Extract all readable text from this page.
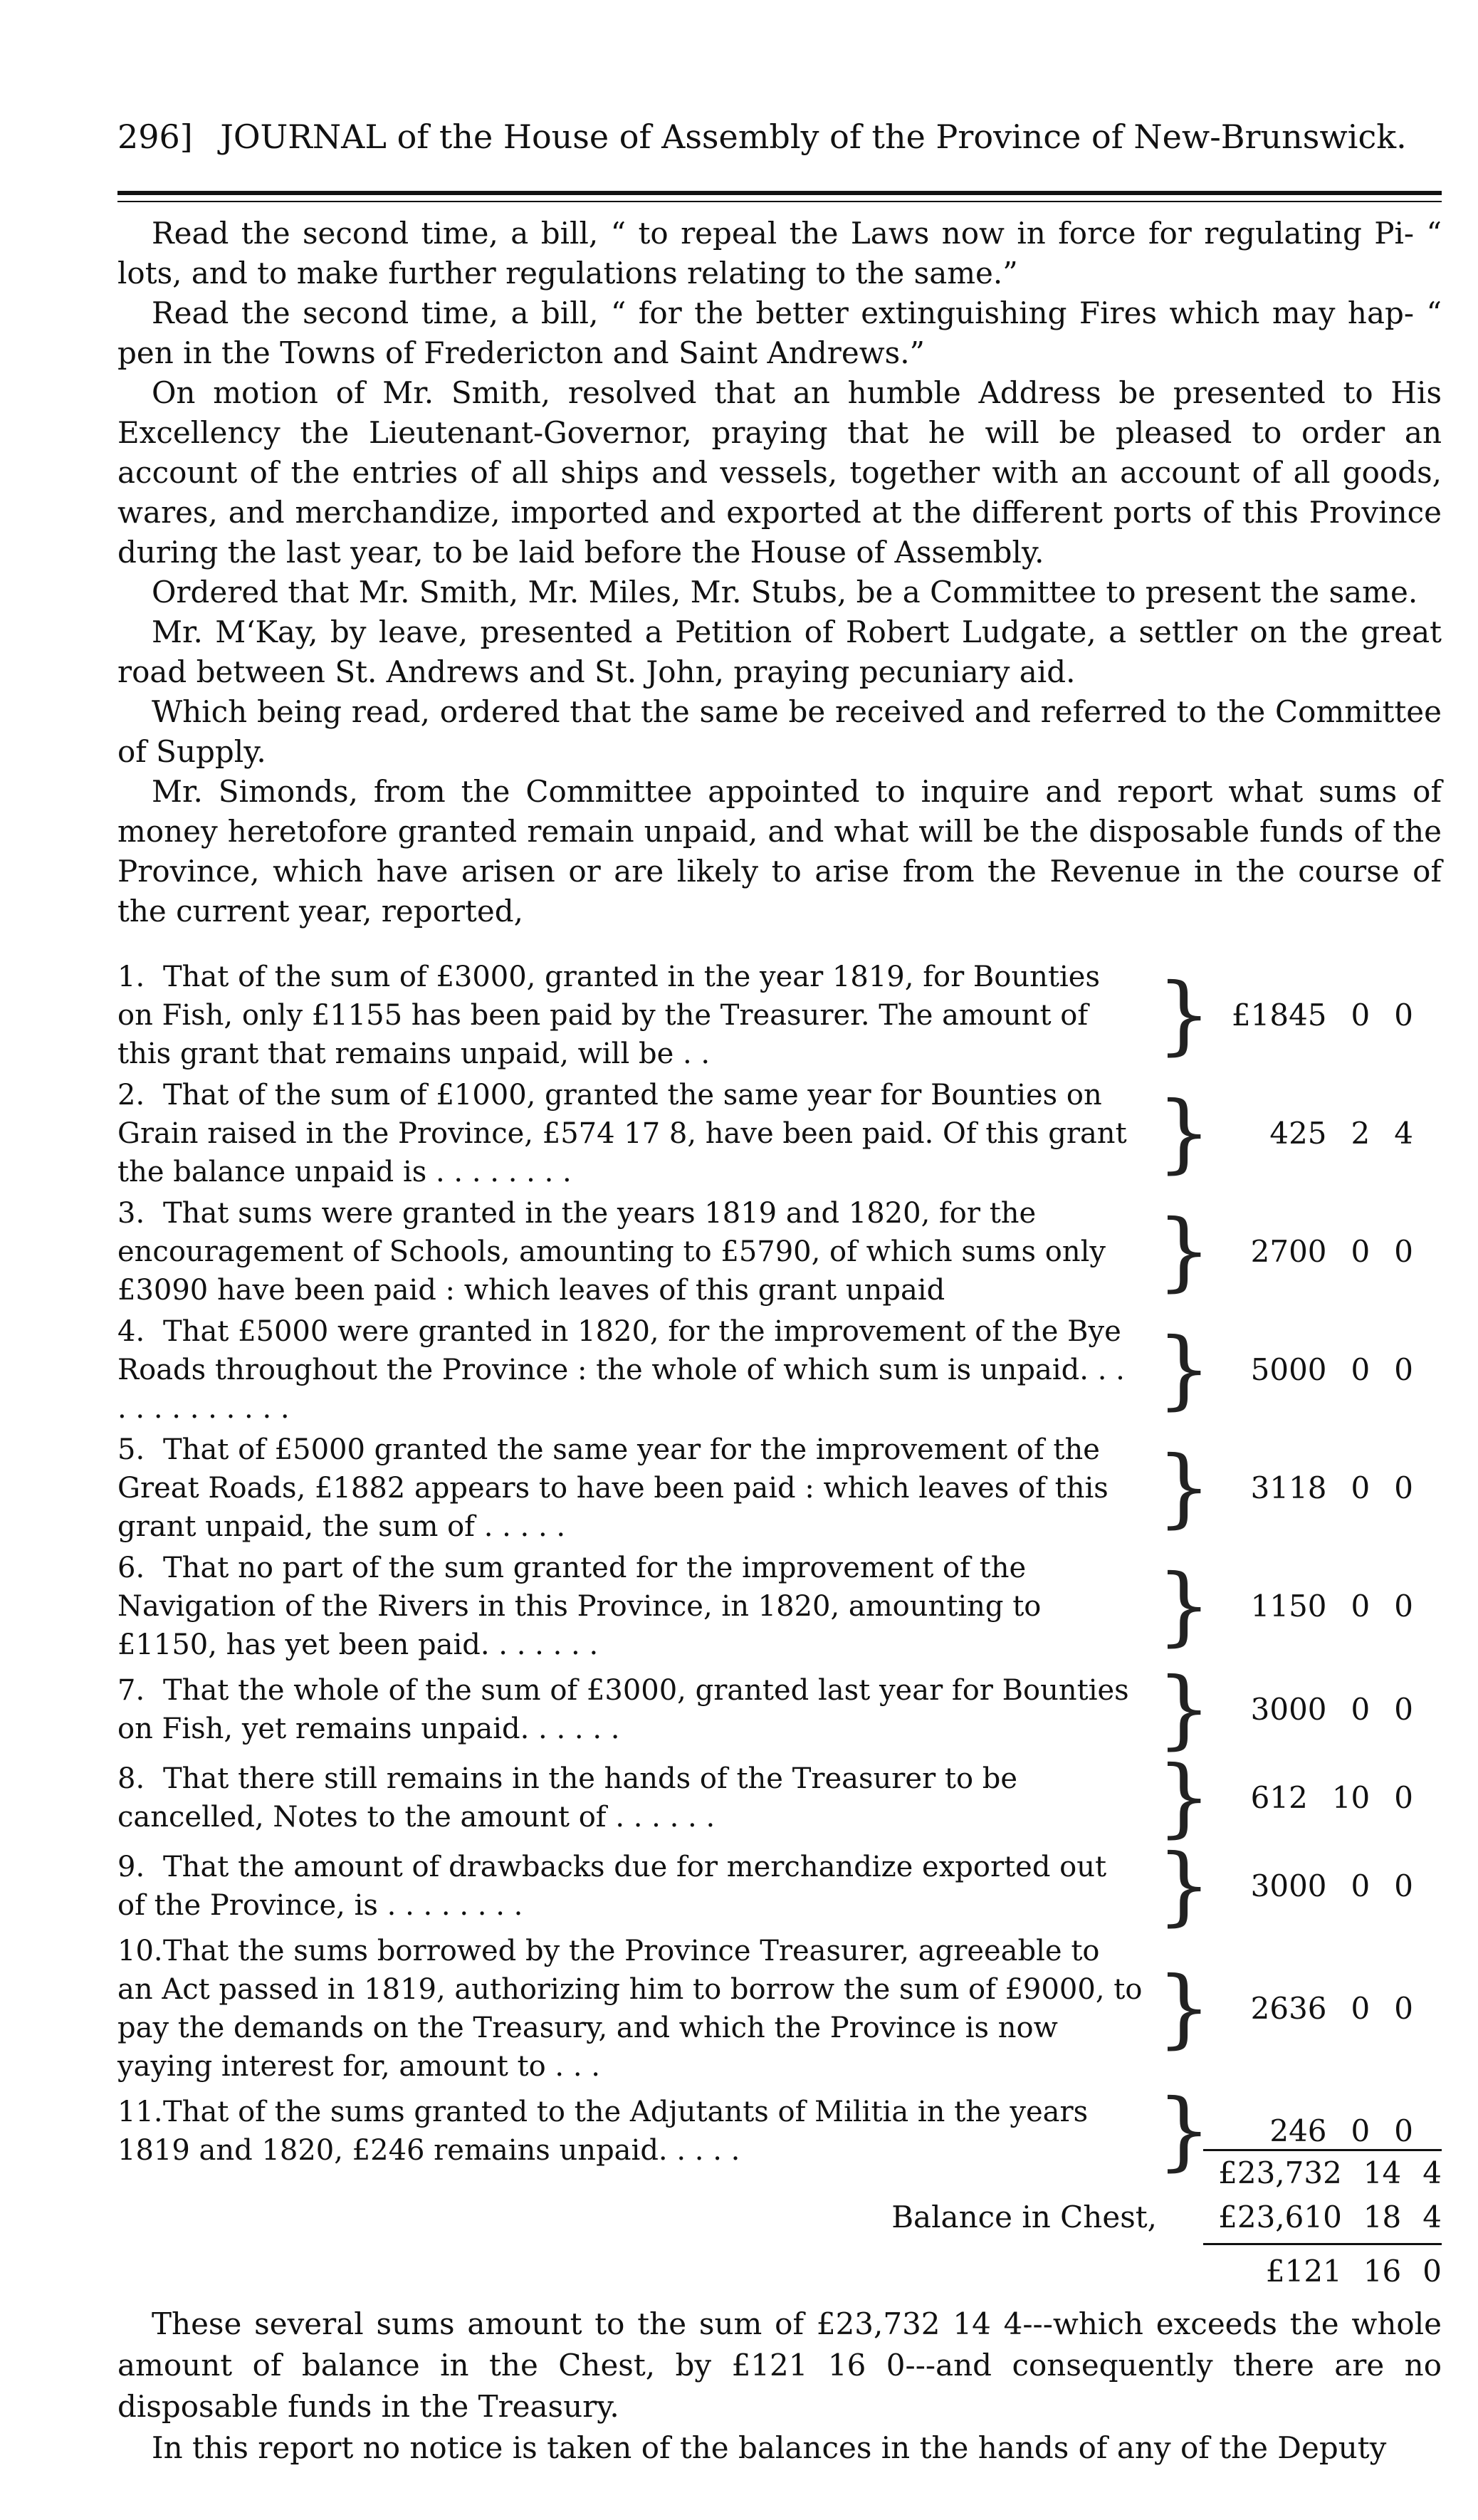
296] JOURNAL of the House of Assembly of the Province of New-Brunswick.

Read the second time, a bill, “ to repeal the Laws now in force for regulating Pi- “ lots, and to make further regulations relating to the same.”

Read the second time, a bill, “ for the better extinguishing Fires which may hap- “ pen in the Towns of Fredericton and Saint Andrews.”

On motion of Mr. Smith, resolved that an humble Address be presented to His Excellency the Lieutenant-Governor, praying that he will be pleased to order an account of the entries of all ships and vessels, together with an account of all goods, wares, and merchandize, imported and exported at the different ports of this Province during the last year, to be laid before the House of Assembly.

Ordered that Mr. Smith, Mr. Miles, Mr. Stubs, be a Committee to present the same.

Mr. M‘Kay, by leave, presented a Petition of Robert Ludgate, a settler on the great road between St. Andrews and St. John, praying pecuniary aid.

Which being read, ordered that the same be received and referred to the Committee of Supply.

Mr. Simonds, from the Committee appointed to inquire and report what sums of money heretofore granted remain unpaid, and what will be the disposable funds of the Province, which have arisen or are likely to arise from the Revenue in the course of the current year, reported,

1. That of the sum of £3000, granted in the year 1819, for Bounties on Fish, only £1155 has been paid by the Treasurer. The amount of this grant that remains unpaid, will be . .	} £1845 0 0
2. That of the sum of £1000, granted the same year for Bounties on Grain raised in the Province, £574 17 8, have been paid. Of this grant the balance unpaid is . . . . . . . .	} 425 2 4
3. That sums were granted in the years 1819 and 1820, for the encouragement of Schools, amounting to £5790, of which sums only £3090 have been paid : which leaves of this grant unpaid	} 2700 0 0
4. That £5000 were granted in 1820, for the improvement of the Bye Roads throughout the Province : the whole of which sum is unpaid. . . . . . . . . . . . .	} 5000 0 0
5. That of £5000 granted the same year for the improvement of the Great Roads, £1882 appears to have been paid : which leaves of this grant unpaid, the sum of . . . . .	} 3118 0 0
6. That no part of the sum granted for the improvement of the Navigation of the Rivers in this Province, in 1820, amounting to £1150, has yet been paid. . . . . . .	} 1150 0 0
7. That the whole of the sum of £3000, granted last year for Bounties on Fish, yet remains unpaid. . . . . .	} 3000 0 0
8. That there still remains in the hands of the Treasurer to be cancelled, Notes to the amount of . . . . . .	} 612 10 0
9. That the amount of drawbacks due for merchandize exported out of the Province, is . . . . . . . .	} 3000 0 0
10.That the sums borrowed by the Province Treasurer, agreeable to an Act passed in 1819, authorizing him to borrow the sum of £9000, to pay the demands on the Treasury, and which the Province is now yaying interest for, amount to . . .
} 2636 0 0
11.That of the sums granted to the Adjutants of Militia in the years 1819 and 1820, £246 remains unpaid. . . . .	} 246 0 0
£23,732 14 4
Balance in Chest, £23,610 18 4
£121 16 0

These several sums amount to the sum of £23,732 14 4---which exceeds the whole amount of balance in the Chest, by £121 16 0---and consequently there are no disposable funds in the Treasury.

In this report no notice is taken of the balances in the hands of any of the Deputy
